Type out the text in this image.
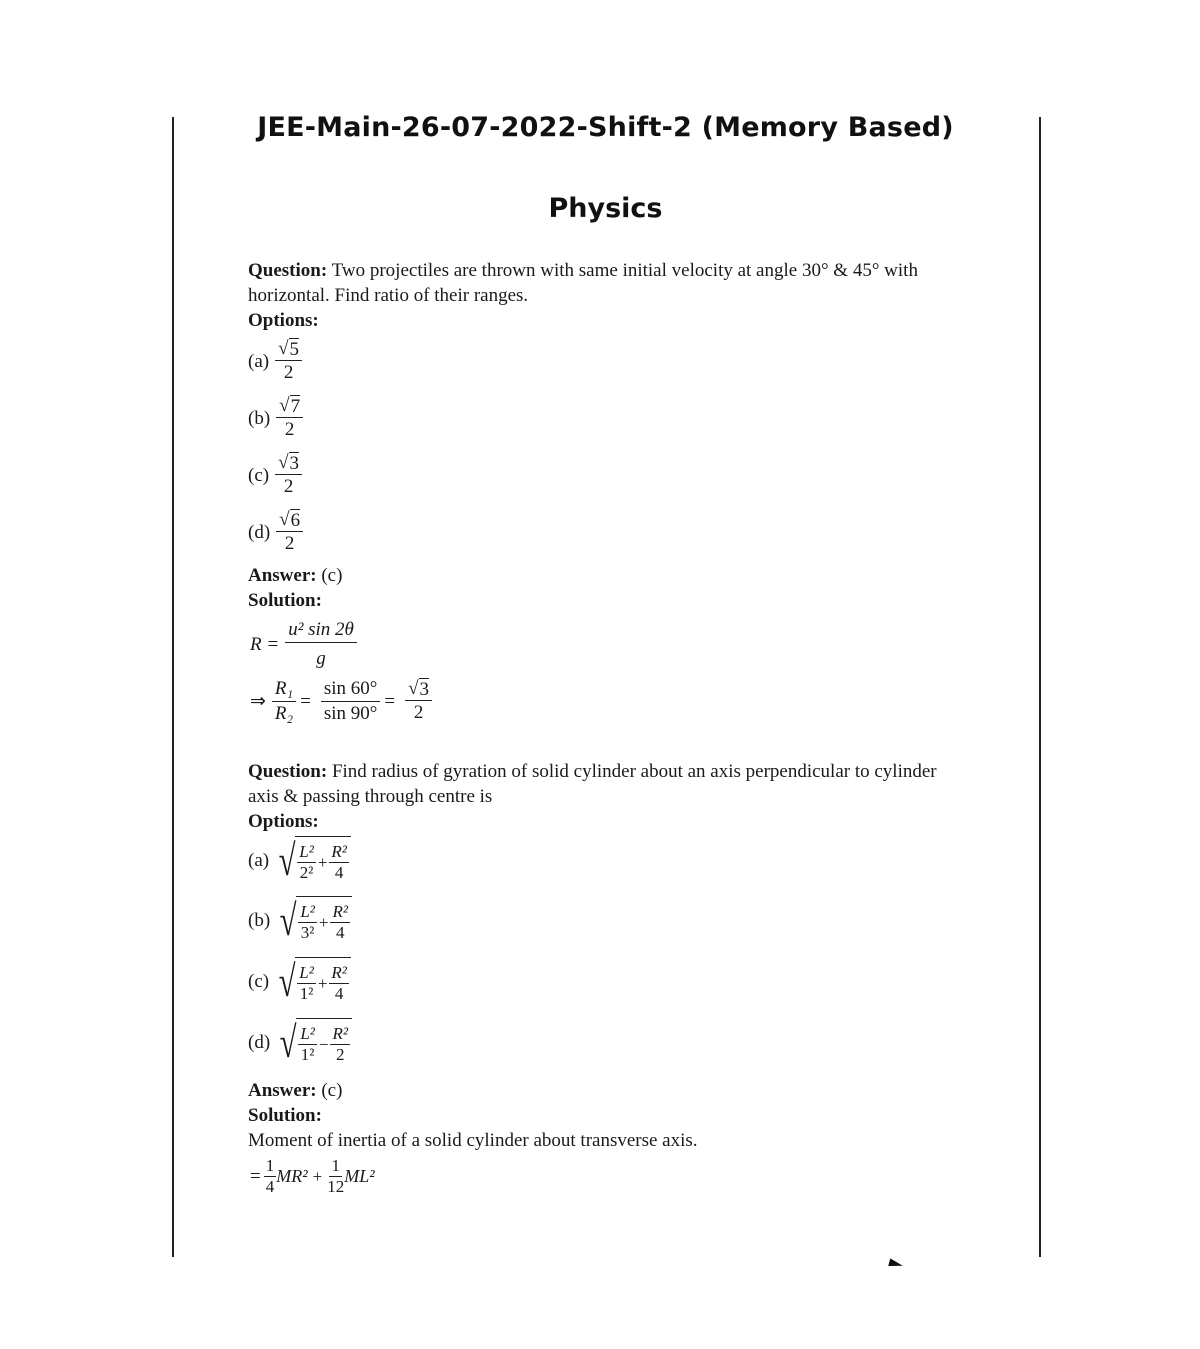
JEE-Main-26-07-2022-Shift-2 (Memory Based)
Physics
Question: Two projectiles are thrown with same initial velocity at angle 30° & 45° with
horizontal. Find ratio of their ranges.
Options:
$(a) \frac{√ 5}{2}$
$(b) \frac{√ 7}{2}$
$(c) \frac{√ 3}{2}$
$(d) \frac{√ 6}{2}$
Answer: (c)
Solution:
$R = \frac{\text{u² sin 2θ}}{g}$
⇒ $\frac{\text{R₁}}{\text{R₂}} = \frac{\sin 60^\circ}{\sin 90^\circ} = \frac{√ 3}{2}$
Question: Find radius of gyration of solid cylinder about an axis perpendicular to cylinder
axis & passing through centre is
Options:
(a) √ $\frac{\text{L²}}{\text{2²}} + \frac{\text{R²}}{4}$
(b) √ $\frac{\text{L²}}{\text{3²}} + \frac{\text{R²}}{4}$
(c) √ $\frac{\text{L²}}{\text{1²}} + \frac{\text{R²}}{4}$
(d) √ $\frac{\text{L²}}{\text{1²}} - \frac{\text{R²}}{2}$
Answer: (c)
Solution:
Moment of inertia of a solid cylinder about transverse axis.
= $\frac{1}{4} MR^2 + \frac{1}{12} ML^2$
